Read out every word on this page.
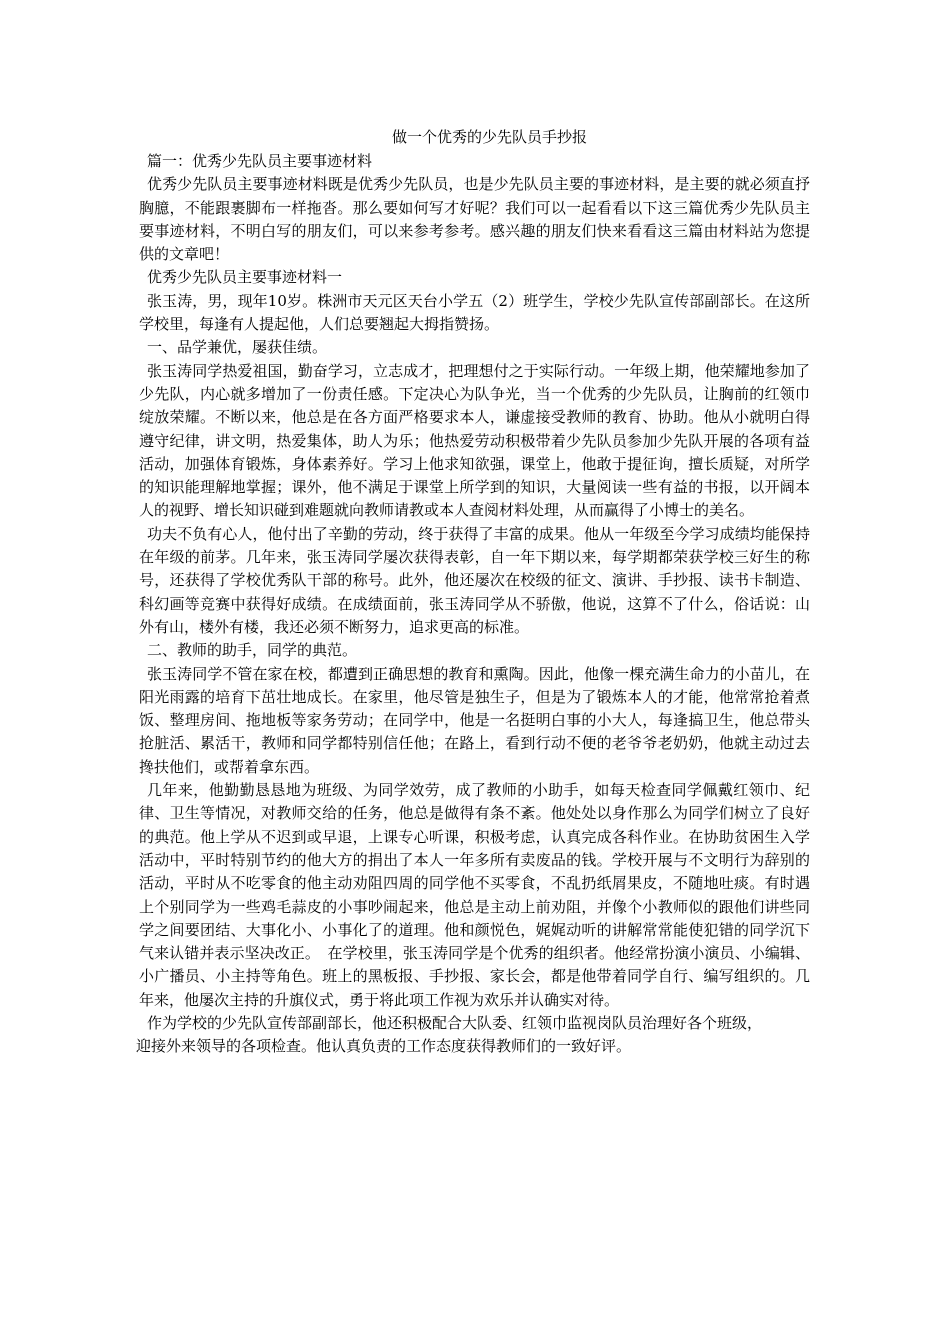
做一个优秀的少先队员手抄报

篇一：优秀少先队员主要事迹材料

优秀少先队员主要事迹材料既是优秀少先队员，也是少先队员主要的事迹材料，是主要的就必须直抒胸臆，不能跟裹脚布一样拖沓。那么要如何写才好呢？我们可以一起看看以下这三篇优秀少先队员主要事迹材料，不明白写的朋友们，可以来参考参考。感兴趣的朋友们快来看看这三篇由材料站为您提供的文章吧！

优秀少先队员主要事迹材料一

张玉涛，男，现年10岁。株洲市天元区天台小学五（2）班学生，学校少先队宣传部副部长。在这所学校里，每逢有人提起他，人们总要翘起大拇指赞扬。

一、品学兼优，屡获佳绩。

张玉涛同学热爱祖国，勤奋学习，立志成才，把理想付之于实际行动。一年级上期，他荣耀地参加了少先队，内心就多增加了一份责任感。下定决心为队争光，当一个优秀的少先队员，让胸前的红领巾绽放荣耀。不断以来，他总是在各方面严格要求本人，谦虚接受教师的教育、协助。他从小就明白得遵守纪律，讲文明，热爱集体，助人为乐；他热爱劳动积极带着少先队员参加少先队开展的各项有益活动，加强体育锻炼，身体素养好。学习上他求知欲强，课堂上，他敢于提征询，擅长质疑，对所学的知识能理解地掌握；课外，他不满足于课堂上所学到的知识，大量阅读一些有益的书报，以开阔本人的视野、增长知识碰到难题就向教师请教或本人查阅材料处理，从而赢得了小博士的美名。

功夫不负有心人，他付出了辛勤的劳动，终于获得了丰富的成果。他从一年级至今学习成绩均能保持在年级的前茅。几年来，张玉涛同学屡次获得表彰，自一年下期以来，每学期都荣获学校三好生的称号，还获得了学校优秀队干部的称号。此外，他还屡次在校级的征文、演讲、手抄报、读书卡制造、科幻画等竞赛中获得好成绩。在成绩面前，张玉涛同学从不骄傲，他说，这算不了什么，俗话说：山外有山，楼外有楼，我还必须不断努力，追求更高的标准。

二、教师的助手，同学的典范。

张玉涛同学不管在家在校，都遭到正确思想的教育和熏陶。因此，他像一棵充满生命力的小苗儿，在阳光雨露的培育下茁壮地成长。在家里，他尽管是独生子，但是为了锻炼本人的才能，他常常抢着煮饭、整理房间、拖地板等家务劳动；在同学中，他是一名挺明白事的小大人，每逢搞卫生，他总带头抢脏活、累活干，教师和同学都特别信任他；在路上，看到行动不便的老爷爷老奶奶，他就主动过去搀扶他们，或帮着拿东西。

几年来，他勤勤恳恳地为班级、为同学效劳，成了教师的小助手，如每天检查同学佩戴红领巾、纪律、卫生等情况，对教师交给的任务，他总是做得有条不紊。他处处以身作那么为同学们树立了良好的典范。他上学从不迟到或早退，上课专心听课，积极考虑，认真完成各科作业。在协助贫困生入学活动中，平时特别节约的他大方的捐出了本人一年多所有卖废品的钱。学校开展与不文明行为辞别的活动，平时从不吃零食的他主动劝阻四周的同学他不买零食，不乱扔纸屑果皮，不随地吐痰。有时遇上个别同学为一些鸡毛蒜皮的小事吵闹起来，他总是主动上前劝阻，并像个小教师似的跟他们讲些同学之间要团结、大事化小、小事化了的道理。他和颜悦色，娓娓动听的讲解常常能使犯错的同学沉下气来认错并表示坚决改正。　在学校里，张玉涛同学是个优秀的组织者。他经常扮演小演员、小编辑、小广播员、小主持等角色。班上的黑板报、手抄报、家长会，都是他带着同学自行、编写组织的。几年来，他屡次主持的升旗仪式，勇于将此项工作视为欢乐并认确实对待。

作为学校的少先队宣传部副部长，他还积极配合大队委、红领巾监视岗队员治理好各个班级，

迎接外来领导的各项检查。他认真负责的工作态度获得教师们的一致好评。
